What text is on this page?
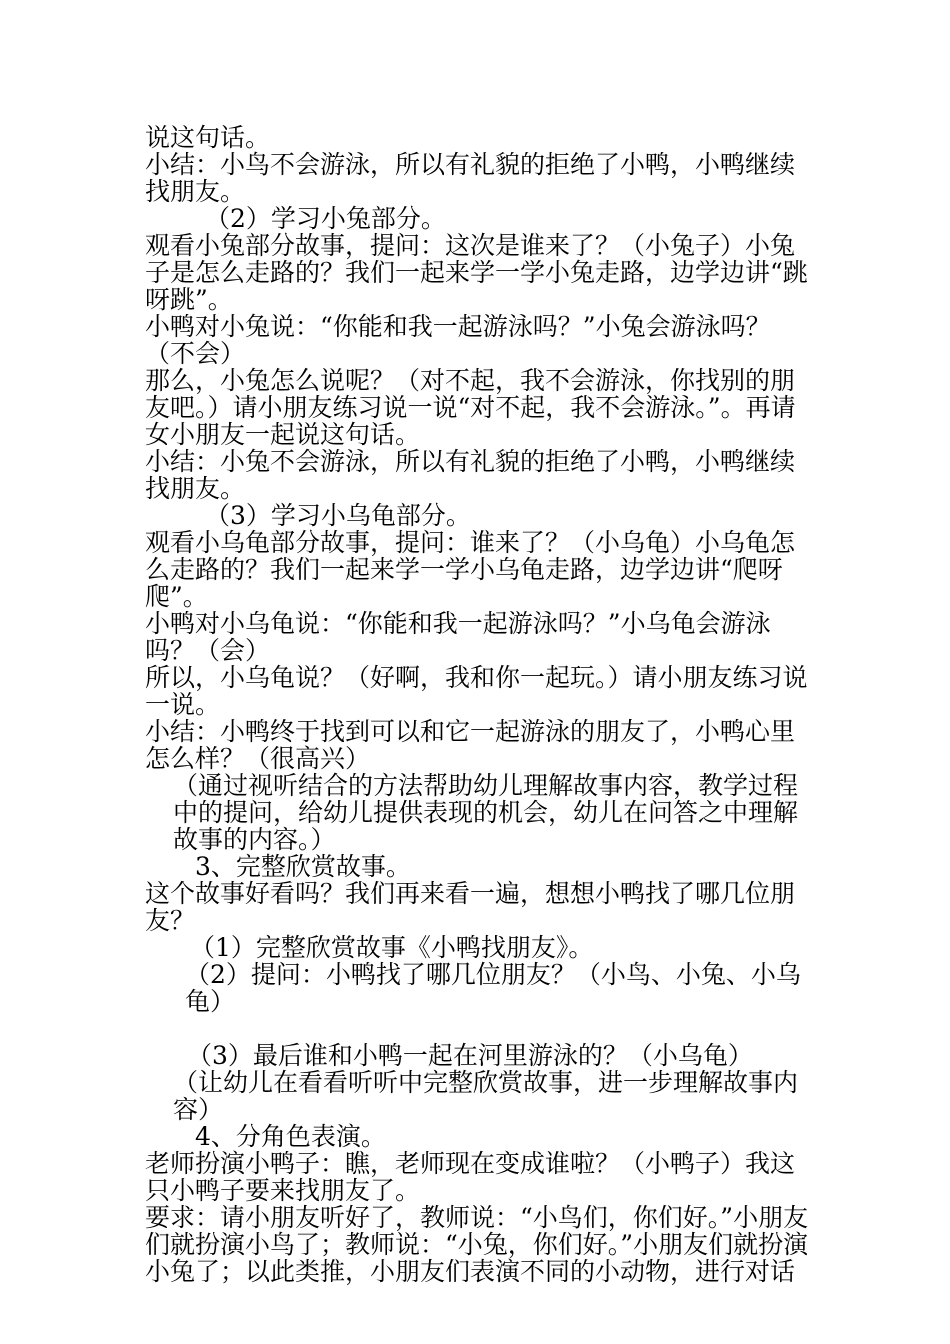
说这句话。

小结：小鸟不会游泳，所以有礼貌的拒绝了小鸭，小鸭继续找朋友。

（2）学习小兔部分。

观看小兔部分故事，提问：这次是谁来了？（小兔子）小兔子是怎么走路的？我们一起来学一学小兔走路，边学边讲“跳呀跳”。

小鸭对小兔说：“你能和我一起游泳吗？”小兔会游泳吗？（不会）

那么，小兔怎么说呢？（对不起，我不会游泳，你找别的朋友吧。）请小朋友练习说一说“对不起，我不会游泳。”。再请女小朋友一起说这句话。

小结：小兔不会游泳，所以有礼貌的拒绝了小鸭，小鸭继续找朋友。

（3）学习小乌龟部分。

观看小乌龟部分故事，提问：谁来了？（小乌龟）小乌龟怎么走路的？我们一起来学一学小乌龟走路，边学边讲“爬呀爬”。

小鸭对小乌龟说：“你能和我一起游泳吗？”小乌龟会游泳吗？（会）

所以，小乌龟说？（好啊，我和你一起玩。）请小朋友练习说一说。

小结：小鸭终于找到可以和它一起游泳的朋友了，小鸭心里怎么样？（很高兴）

（通过视听结合的方法帮助幼儿理解故事内容，教学过程中的提问，给幼儿提供表现的机会，幼儿在问答之中理解故事的内容。）

3、完整欣赏故事。

这个故事好看吗？我们再来看一遍，想想小鸭找了哪几位朋友？

（1）完整欣赏故事《小鸭找朋友》。

（2）提问：小鸭找了哪几位朋友？（小鸟、小兔、小乌龟）

（3）最后谁和小鸭一起在河里游泳的？（小乌龟）

（让幼儿在看看听听中完整欣赏故事，进一步理解故事内容）

4、分角色表演。

老师扮演小鸭子：瞧，老师现在变成谁啦？（小鸭子）我这只小鸭子要来找朋友了。

要求：请小朋友听好了，教师说：“小鸟们，你们好。”小朋友们就扮演小鸟了；教师说：“小兔，你们好。”小朋友们就扮演小兔了；以此类推，小朋友们表演不同的小动物，进行对话
